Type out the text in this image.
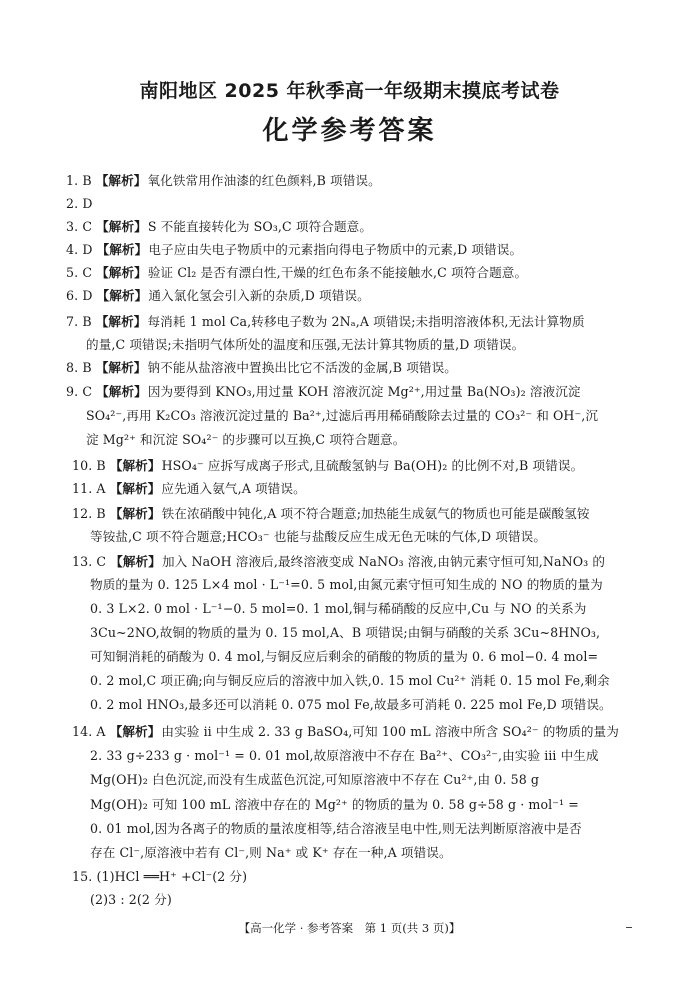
南阳地区 2025 年秋季高一年级期末摸底考试卷
化学参考答案
1. B 【解析】氧化铁常用作油漆的红色颜料,B 项错误。
2. D
3. C 【解析】S 不能直接转化为 SO₃,C 项符合题意。
4. D 【解析】电子应由失电子物质中的元素指向得电子物质中的元素,D 项错误。
5. C 【解析】验证 Cl₂ 是否有漂白性,干燥的红色布条不能接触水,C 项符合题意。
6. D 【解析】通入氯化氢会引入新的杂质,D 项错误。
7. B 【解析】每消耗 1 mol Ca,转移电子数为 2Nₐ,A 项错误;未指明溶液体积,无法计算物质
的量,C 项错误;未指明气体所处的温度和压强,无法计算其物质的量,D 项错误。
8. B 【解析】钠不能从盐溶液中置换出比它不活泼的金属,B 项错误。
9. C 【解析】因为要得到 KNO₃,用过量 KOH 溶液沉淀 Mg²⁺,用过量 Ba(NO₃)₂ 溶液沉淀
SO₄²⁻,再用 K₂CO₃ 溶液沉淀过量的 Ba²⁺,过滤后再用稀硝酸除去过量的 CO₃²⁻ 和 OH⁻,沉
淀 Mg²⁺ 和沉淀 SO₄²⁻ 的步骤可以互换,C 项符合题意。
10. B 【解析】HSO₄⁻ 应拆写成离子形式,且硫酸氢钠与 Ba(OH)₂ 的比例不对,B 项错误。
11. A 【解析】应先通入氨气,A 项错误。
12. B 【解析】铁在浓硝酸中钝化,A 项不符合题意;加热能生成氨气的物质也可能是碳酸氢铵
等铵盐,C 项不符合题意;HCO₃⁻ 也能与盐酸反应生成无色无味的气体,D 项错误。
13. C 【解析】加入 NaOH 溶液后,最终溶液变成 NaNO₃ 溶液,由钠元素守恒可知,NaNO₃ 的
物质的量为 0. 125 L×4 mol · L⁻¹=0. 5 mol,由氮元素守恒可知生成的 NO 的物质的量为
0. 3 L×2. 0 mol · L⁻¹−0. 5 mol=0. 1 mol,铜与稀硝酸的反应中,Cu 与 NO 的关系为
3Cu~2NO,故铜的物质的量为 0. 15 mol,A、B 项错误;由铜与硝酸的关系 3Cu~8HNO₃,
可知铜消耗的硝酸为 0. 4 mol,与铜反应后剩余的硝酸的物质的量为 0. 6 mol−0. 4 mol=
0. 2 mol,C 项正确;向与铜反应后的溶液中加入铁,0. 15 mol Cu²⁺ 消耗 0. 15 mol Fe,剩余
0. 2 mol HNO₃,最多还可以消耗 0. 075 mol Fe,故最多可消耗 0. 225 mol Fe,D 项错误。
14. A 【解析】由实验 ⅱ 中生成 2. 33 g BaSO₄,可知 100 mL 溶液中所含 SO₄²⁻ 的物质的量为
2. 33 g÷233 g · mol⁻¹ = 0. 01 mol,故原溶液中不存在 Ba²⁺、CO₃²⁻,由实验 ⅲ 中生成
Mg(OH)₂ 白色沉淀,而没有生成蓝色沉淀,可知原溶液中不存在 Cu²⁺,由 0. 58 g
Mg(OH)₂ 可知 100 mL 溶液中存在的 Mg²⁺ 的物质的量为 0. 58 g÷58 g · mol⁻¹ =
0. 01 mol,因为各离子的物质的量浓度相等,结合溶液呈电中性,则无法判断原溶液中是否
存在 Cl⁻,原溶液中若有 Cl⁻,则 Na⁺ 或 K⁺ 存在一种,A 项错误。
15. (1)HCl ══H⁺ +Cl⁻(2 分)
(2)3 : 2(2 分)
【高一化学 · 参考答案　第 1 页(共 3 页)】
